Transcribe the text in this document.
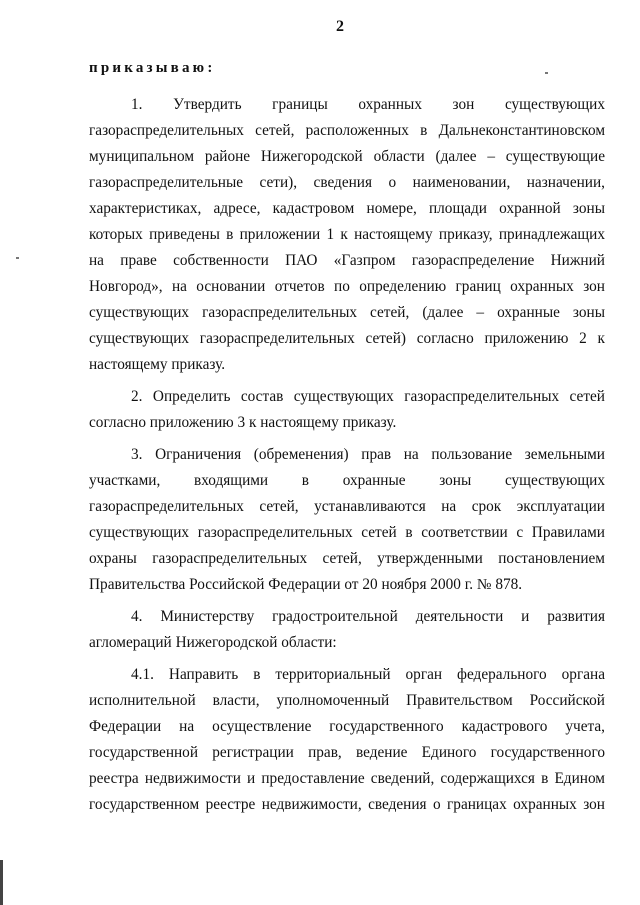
2
приказываю:
1. Утвердить границы охранных зон существующих
газораспределительных сетей, расположенных в Дальнеконстантиновском
муниципальном районе Нижегородской области (далее – существующие
газораспределительные сети), сведения о наименовании, назначении,
характеристиках, адресе, кадастровом номере, площади охранной зоны
которых приведены в приложении 1 к настоящему приказу, принадлежащих
на праве собственности ПАО «Газпром газораспределение Нижний
Новгород», на основании отчетов по определению границ охранных зон
существующих газораспределительных сетей, (далее – охранные зоны
существующих газораспределительных сетей) согласно приложению 2 к
настоящему приказу.
2. Определить состав существующих газораспределительных сетей
согласно приложению 3 к настоящему приказу.
3. Ограничения (обременения) прав на пользование земельными
участками, входящими в охранные зоны существующих
газораспределительных сетей, устанавливаются на срок эксплуатации
существующих газораспределительных сетей в соответствии с Правилами
охраны газораспределительных сетей, утвержденными постановлением
Правительства Российской Федерации от 20 ноября 2000 г. № 878.
4. Министерству градостроительной деятельности и развития
агломераций Нижегородской области:
4.1. Направить в территориальный орган федерального органа
исполнительной власти, уполномоченный Правительством Российской
Федерации на осуществление государственного кадастрового учета,
государственной регистрации прав, ведение Единого государственного
реестра недвижимости и предоставление сведений, содержащихся в Едином
государственном реестре недвижимости, сведения о границах охранных зон
